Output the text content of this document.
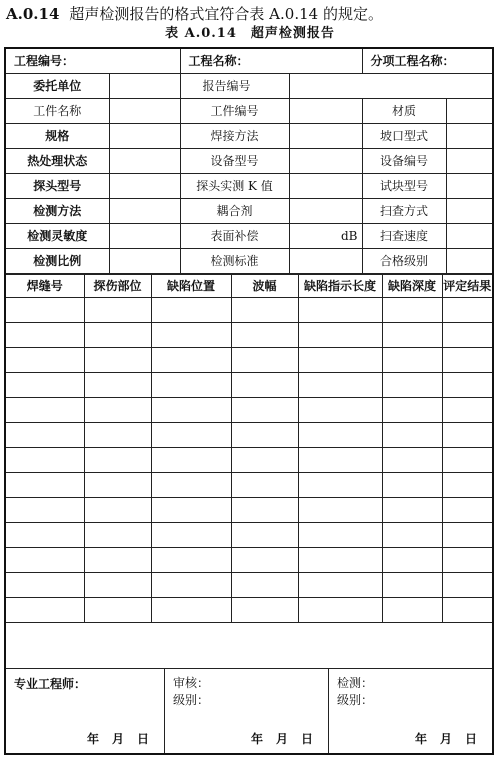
A.0.14 超声检测报告的格式宜符合表 A.0.14 的规定。
表 A.0.14　超声检测报告
工程编号：	工程名称：	分项工程名称：
委托单位		报告编号			
工件名称		工件编号		材质	
规格		焊接方法		坡口型式	
热处理状态		设备型号		设备编号	
探头型号		探头实测 K 值		试块型号	
检测方法		耦合剂		扫查方式	
检测灵敏度		表面补偿	dB	扫查速度	
检测比例		检测标准		合格级别	
焊缝号	探伤部位	缺陷位置	波幅	缺陷指示长度	缺陷深度	评定结果

专业工程师：
年 月 日
审核：
级别：
年 月 日
检测：
级别：
年 月 日
